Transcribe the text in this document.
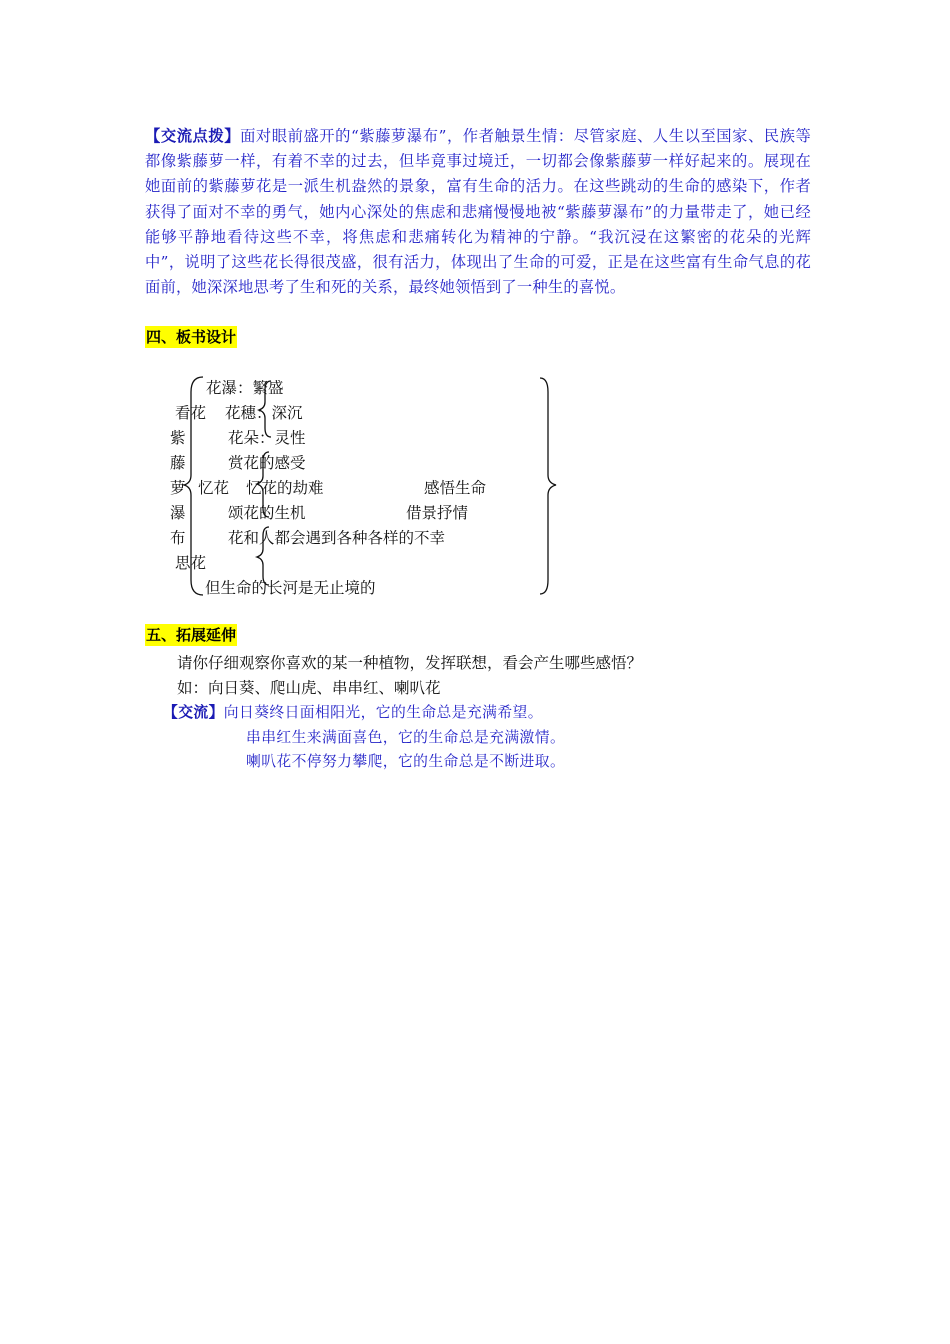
【交流点拨】面对眼前盛开的“紫藤萝瀑布”，作者触景生情：尽管家庭、人生以至国家、民族等都像紫藤萝一样，有着不幸的过去，但毕竟事过境迁，一切都会像紫藤萝一样好起来的。展现在她面前的紫藤萝花是一派生机盎然的景象，富有生命的活力。在这些跳动的生命的感染下，作者获得了面对不幸的勇气，她内心深处的焦虑和悲痛慢慢地被“紫藤萝瀑布”的力量带走了，她已经能够平静地看待这些不幸，将焦虑和悲痛转化为精神的宁静。“我沉浸在这繁密的花朵的光辉中”，说明了这些花长得很茂盛，很有活力，体现出了生命的可爱，正是在这些富有生命气息的花面前，她深深地思考了生和死的关系，最终她领悟到了一种生的喜悦。
四、板书设计
花瀑：繁盛
看花 花穗：深沉
紫	花朵：灵性
藤	赏花的感受
萝 忆花 忆花的劫难	感悟生命
瀑	颂花的生机	借景抒情
布	花和人都会遇到各种各样的不幸
思花
但生命的长河是无止境的
五、拓展延伸
请你仔细观察你喜欢的某一种植物，发挥联想，看会产生哪些感悟？
如：向日葵、爬山虎、串串红、喇叭花
【交流】向日葵终日面相阳光，它的生命总是充满希望。
串串红生来满面喜色，它的生命总是充满激情。
喇叭花不停努力攀爬，它的生命总是不断进取。
